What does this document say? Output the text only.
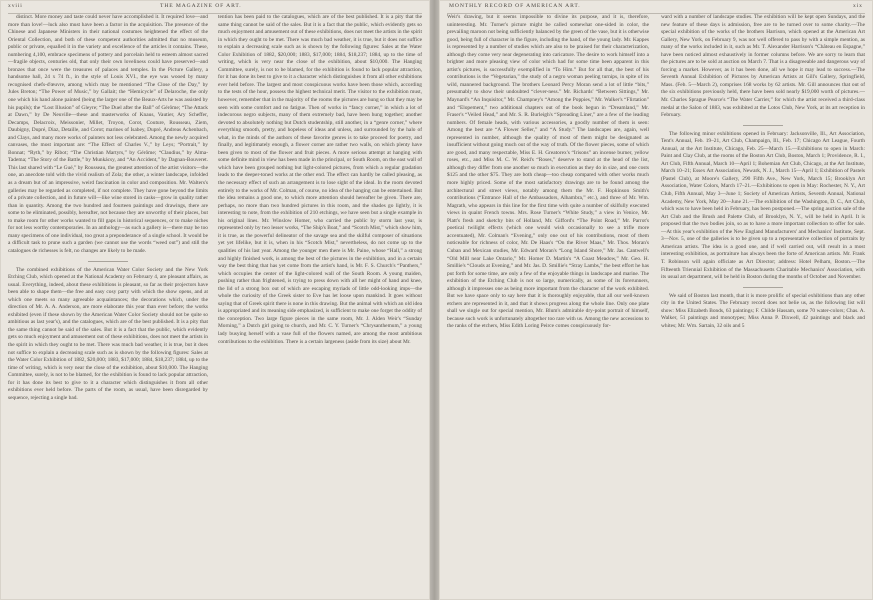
xviii	THE MAGAZINE OF ART.

distinct. More money and taste could never have accomplished it. It required love—and more than love!—luck also must have been a factor in the acquisition. The presence of the Chinese and Japanese Ministers in their national costumes heightened the effect of the Oriental Collection, and both of these competent authorities admitted that no museum, public or private, equalled it in the variety and excellence of the articles it contains. These, numbering 4,100, embrace specimens of pottery and porcelain held to esteem almost sacred—fragile objects, centuries old, that only their own loveliness could have preserved—and bronzes that once were the treasures of palaces and temples. In the Picture Gallery, a handsome hall, 24 x 74 ft., in the style of Louis XVI., the eye was wooed by many recognised chefs-d'œuvre, among which may be mentioned “The Close of the Day,” by Jules Breton; “The Power of Music,” by Gallait; the “Hemicycle” of Delaroche, the only one which his hand alone painted (being the larger one of the Beaux-Arts he was assisted by his pupils); the “Lost Illusion” of Gleyre; “The Duel after the Ball” of Gérôme; “The Attack at Dawn,” by De Neuville—these and masterworks of Knaus, Vautier, Ary Scheffer, Decamps, Delacroix, Meissonier, Millet, Troyon, Corot, Couture, Rousseau, Ziem, Daubigny, Dupré, Diaz, Detaille, and Corot; marines of Isabey, Dupré, Andreas Achenbach, and Clays, and many more works of painters not less celebrated. Among the newly acquired canvases, the most important are: “The Effect of Charles V.,” by Leys; “Portrait,” by Bonnat; “Ryth,” by Ribot; “The Christian Martyrs,” by Gérôme; “Claudius,” by Alma-Tadema; “The Story of the Battle,” by Munkácsy, and “An Accident,” by Dagnan-Bouveret. This last shared with “Le Gué,” by Rousseau, the greatest attention of the artist visitors—the one, an anecdote told with the vivid realism of Zola; the other, a winter landscape, infolded as a dream but of an impressive, weird fascination in color and composition. Mr. Walters's galleries may be regarded as completed, if not complete. They have gone beyond the limits of a private collection, and in future will—like wine stored in casks—grow in quality rather than in quantity. Among the two hundred and fourteen paintings and drawings, there are some to be eliminated, possibly, hereafter, not because they are unworthy of their places, but to make room for other works wanted to fill gaps in historical sequences, or to make niches for not less worthy contemporaries. In an anthology—as such a gallery is—there may be too many specimens of one individual, too great a preponderance of a single school. It would be a difficult task to prune such a garden (we cannot use the words “weed out”) and still the catalogues de richesses is felt, no changes are likely to be made.

The combined exhibitions of the American Water Color Society and the New York Etching Club, which opened at the National Academy on February 4, are pleasant affairs, as usual. Everything, indeed, about these exhibitions is pleasant, so far as their projectors have been able to shape them—the free and easy cosy party with which the show opens, and at which one meets so many agreeable acquaintances; the decorations which, under the direction of Mr. A. A. Anderson, are more elaborate this year than ever before; the works exhibited (even if these shown by the American Water Color Society should not be quite so ambitious as last year's), and the catalogues, which are of the best published. It is a pity that the same thing cannot be said of the sales. But it is a fact that the public, which evidently gets so much enjoyment and amusement out of these exhibitions, does not meet the artists in the spirit in which they ought to be met. There was much bad weather, it is true, but it does not suffice to explain a decreasing scale such as is shown by the following figures: Sales at the Water Color Exhibition of 1882, $20,000; 1883, $17,000; 1884, $18,237; 1884, up to the time of writing, which is very near the close of the exhibition, about $10,000. The Hanging Committee, surely, is not to be blamed, for the exhibition is found to lack popular attraction, for it has done its best to give to it a character which distinguishes it from all other exhibitions ever held before. The parts of the room, as usual, have been disregarded by sequence, rejecting a single bad.

tention has been paid to the catalogues, which are of the best published. It is a pity that the same thing cannot be said of the sales. But it is a fact that the public, which evidently gets so much enjoyment and amusement out of these exhibitions, does not meet the artists in the spirit in which they ought to be met. There was much bad weather, it is true, but it does not suffice to explain a decreasing scale such as is shown by the following figures: Sales at the Water Color Exhibition of 1882, $20,000; 1883, $17,000; 1884, $18,237; 1884, up to the time of writing, which is very near the close of the exhibition, about $10,000. The Hanging Committee, surely, is not to be blamed, for the exhibition is found to lack popular attraction, for it has done its best to give to it a character which distinguishes it from all other exhibitions ever held before. The largest and most conspicuous works have been those which, according to the tests of the hour, possess the highest technical merit. The visitor to the exhibition must, however, remember that in the majority of the rooms the pictures are hung so that they may be seen with some comfort and no fatigue. Then of works in “fancy corner,” in which a lot of indecorous negro subjects, many of them extremely bad, have been hung together; another devoted to absolutely nothing but Dutch studentship, still another, in a “genre corner,” where everything smooth, pretty, and hopeless of ideas and unless, and surrounded by the halo of what, in the minds of the authors of these favorite genres is to take proceed for poetry, and finally, and legitimately enough, a flower corner are rather two walls, on which plenty have been given to most of the flower and fruit pieces. A more serious attempt at hanging with some definite mind in view has been made in the principal, or South Room, on the east wall of which have been grouped nothing but light-colored pictures, from which a regular gradation leads to the deeper-toned works at the other end. The effect can hardly be called pleasing, as the necessary effect of such an arrangement is to lose sight of the ideal. In the room devoted entirely to the works of Mr. Colman, of course, no idea of the hanging can be entertained. But the idea remains a good one, to which more attention should hereafter be given. There are, perhaps, no more than two hundred pictures in this room, and the shades go lightly, it is interesting to note, from the exhibition of 210 etchings, we have seen but a single example in his original lines. Mr. Winslow Homer, who carried the public by storm last year, is represented only by two lesser works, “The Ship's Boat,” and “Scotch Mist,” which show him, it is true, as the powerful delineator of the savage sea and the skilful composer of situations yet yet lifelike, but it is, when in his “Scotch Mist,” nevertheless, do not come up to the qualities of his last year. Among the younger men there is Mr. Paine, whose “Hall,” a strong and highly finished work, is among the best of the pictures in the exhibition, and in a certain way the best thing that has yet come from the artist's hand, is Mr. F. S. Church's “Panthers,” which occupies the center of the light-colored wall of the South Room. A young maiden, pushing rather than frightened, is trying to press down with all her might of hand and knee, the lid of a strong box out of which are escaping myriads of little odd-looking imps—the whole the curiosity of the Greek sister to Eve has let loose upon mankind. It goes without saying that of Greek spirit there is none in this drawing. But the animal with which an old idea is appropriated and its meaning side emphasized, is sufficient to make one forget the oddity of the conception. Two large figure pieces in the same room, Mr. J. Alden Weir's “Sunday Morning,” a Dutch girl going to church, and Mr. C. Y. Turner's “Chrysanthemum,” a young lady busying herself with a vase full of the flowers named, are among the most ambitious contributions to the exhibition. There is a certain largeness (aside from its size) about Mr.

MONTHLY RECORD OF AMERICAN ART.	xix

Weir's drawing, but it seems impossible to divine its purpose, and it is, therefore, uninteresting. Mr. Turner's picture might be called somewhat one-sided in color, the prevailing maroon not being sufficiently balanced by the green of the vase, but it is otherwise good, being full of character in the figure, including the hand, of the young lady. Mr. Kappes is represented by a number of studies which are also to be praised for their characterization, although they come very near degenerating into caricature. The desire to work himself into a brighter and more pleasing view of color which had for some time been apparent in this artist's pictures, is successfully exemplified in “To Him.” But for all that, the best of his contributions is the “Vegetarian,” the study of a negro woman peeling turnips, in spite of its wild, mannered background. The brothers Leonard Percy Moran send a lot of little “bits,” presumably to show their undoubted “clever-ness.” Mr. Richards' “Between Sittings,” Mr. Maynard's “An Inquisitor,” Mr. Champney's “Among the Poppies,” Mr. Walker's “Flirtation” and “Elopement,” two additional chapters out of the book begun in “Dreamland,” Mr. Fraser's “Veiled Head,” and Mr. S. R. Burleigh's “Spreading Liner,” are a few of the leading numbers. Of female heads, with various accessories, a goodly number of them is seen: Among the best are “A Flower Seller,” and “A Study.” The landscapes are, again, well represented in number, although the quality of most of them might be designated as insufficient without going much out of the way of truth. Of the flower pieces, some of which are good, and many respectable, Miss E. H. Greatorex's “Irisons” an incense burner, yellow roses, etc., and Miss M. C. W. Reid's “Roses,” deserve to stand at the head of the list, although they differ from one another so much in execution as they do in size, and one costs $125 and the other $75. They are both cheap—too cheap compared with other works much more highly priced. Some of the most satisfactory drawings are to be found among the architectural and street views, notably among them the Mr. F. Hopkinson Smith's contributions (“Entrance Hall of the Ambassadors, Alhambra,” etc.), and three of Mr. Wm. Magrath, who appears in this line for the first time with quite a number of skilfully executed views in quaint French towns. Mrs. Rose Turner's “White Study,” a view in Venice, Mr. Platt's fresh and sketchy bits of Holland, Mr. Gifford's “The Point Road,” Mr. Parrot's poetical twilight effects (which one would wish occasionally to see a trifle more accentuated), Mr. Colman's “Evening,” only one out of his contributions, most of them noticeable for richness of color, Mr. De Haas's “On the River Maas,” Mr. Thos. Moran's Cuban and Mexican studies, Mr. Edward Moran's “Long Island Shore,” Mr. Jas. Cantwell's “Old Mill near Lake Ontario,” Mr. Homer D. Martin's “A Coast Meadow,” Mr. Geo. H. Smillie's “Clouds at Evening,” and Mr. Jas. D. Smillie's “Stray Lambs,” the best effort he has put forth for some time, are only a few of the enjoyable things in landscape and marine. The exhibition of the Etching Club is not so large, numerically, as some of its forerunners, although it impresses one as being more important from the character of the work exhibited. But we have space only to say here that it is thoroughly enjoyable, that all our well-known etchers are represented in it, and that it shows progress along the whole line. Only one plate shall we single out for special mention, Mr. Blum's admirable dry-point portrait of himself, because such work is unfortunately altogether too rare with us. Among the new accessions to the ranks of the etchers, Miss Edith Loring Peirce comes conspicuously for-

ward with a number of landscape studies. The exhibition will be kept open Sundays, and the new feature of these days is admission, free are to be turned over to some charity.—The special exhibition of the works of the brothers Harrison, which opened at the American Art Gallery, New York, on February 9, was not well offered to pass by with a simple mention, as many of the works included in it, such as Mr. T. Alexander Harrison's “Château en Espagne,” have been noticed almost exhaustively in former columns before. We are sorry to learn that the pictures are to be sold at auction on March 7. That is a disagreeable and dangerous way of forcing a market. However, as it has been done, all we hope it may lead to success.—The Seventh Annual Exhibition of Pictures by American Artists at Gill's Gallery, Springfield, Mass. (Feb. 5—March 2), comprises 168 works by 62 artists. Mr. Gill announces that out of the six exhibitions previously held, there have been sold nearly $19,000 worth of pictures.—Mr. Charles Sprague Pearce's “The Water Carrier,” for which the artist received a third-class medal at the Salon of 1883, was exhibited at the Lotos Club, New York, at its art reception in February.

The following minor exhibitions opened in February: Jacksonville, Ill., Art Association, Tent's Annual, Feb. 19–21, Art Club, Champaign, Ill., Feb. 17; Chicago Art League, Fourth Annual, at the Art Institute, Chicago, Feb. 25—March 15.—Exhibitions to open in March: Paint and Clay Club, at the rooms of the Boston Art Club, Boston, March 1; Providence, R. I., Art Club, Fifth Annual, March 10—April 1; Bohemian Art Club, Chicago, at the Art Institute, March 10–21; Essex Art Association, Newark, N. J., March 15—April 1; Exhibition of Pastels (Pastel Club), at Moore's Gallery, 290 Fifth Ave., New York, March 15; Brooklyn Art Association, Water Colors, March 17–21.—Exhibitions to open in May: Rochester, N. Y., Art Club, Fifth Annual, May 3—June 1; Society of American Artists, Seventh Annual, National Academy, New York, May 20—June 21.—The exhibition of the Washington, D. C., Art Club, which was to have been held in February, has been postponed.—The spring auction sale of the Art Club and the Brush and Palette Club, of Brooklyn, N. Y., will be held in April. It is proposed that the two bodies join, so as to have a more important collection to offer for sale.—At this year's exhibition of the New England Manufacturers' and Mechanics' Institute, Sept. 3—Nov. 5, one of the galleries is to be given up to a representative collection of portraits by American artists. The idea is a good one, and if well carried out, will result in a most interesting exhibition, as portraiture has always been the forte of American artists. Mr. Frank T. Robinson will again officiate as Art Director; address: Hotel Pelham, Boston.—The Fifteenth Triennial Exhibition of the Massachusetts Charitable Mechanics' Association, with its usual art department, will be held in Boston during the months of October and November.

We said of Boston last month, that it is more prolific of special exhibitions than any other city in the United States. The February record does not belie us, as the following list will show: Miss Elizabeth Bonds, 63 paintings; F. Childe Hassam, some 70 water-colors; Chas. A. Walker, 51 paintings and monotypes; Miss Anna P. Dixwell, 42 paintings and black and whites; Mr. Wm. Sartain, 32 oils and 5
